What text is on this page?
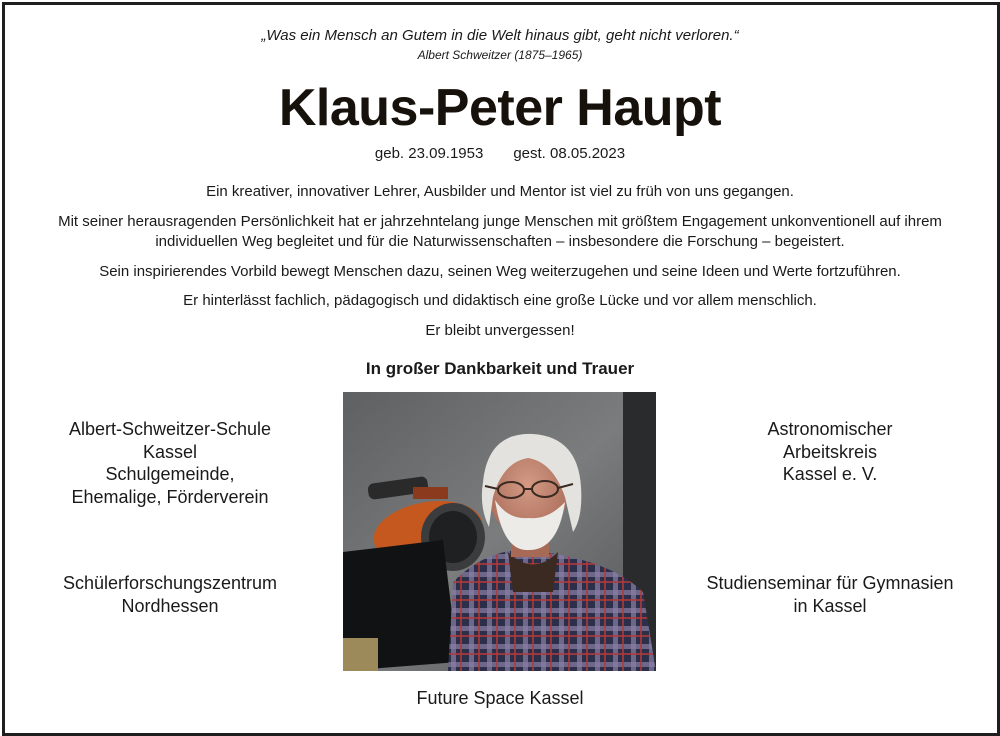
„Was ein Mensch an Gutem in die Welt hinaus gibt, geht nicht verloren.“
Albert Schweitzer (1875–1965)
Klaus-Peter Haupt
geb. 23.09.1953 gest. 08.05.2023
Ein kreativer, innovativer Lehrer, Ausbilder und Mentor ist viel zu früh von uns gegangen.
Mit seiner herausragenden Persönlichkeit hat er jahrzehntelang junge Menschen mit größtem Engagement unkonventionell auf ihrem
individuellen Weg begleitet und für die Naturwissenschaften – insbesondere die Forschung – begeistert.
Sein inspirierendes Vorbild bewegt Menschen dazu, seinen Weg weiterzugehen und seine Ideen und Werte fortzuführen.
Er hinterlässt fachlich, pädagogisch und didaktisch eine große Lücke und vor allem menschlich.
Er bleibt unvergessen!
In großer Dankbarkeit und Trauer
Albert-Schweitzer-Schule
Kassel
Schulgemeinde,
Ehemalige, Förderverein
Schülerforschungszentrum
Nordhessen
Astronomischer
Arbeitskreis
Kassel e. V.
Studienseminar für Gymnasien
in Kassel
Future Space Kassel
